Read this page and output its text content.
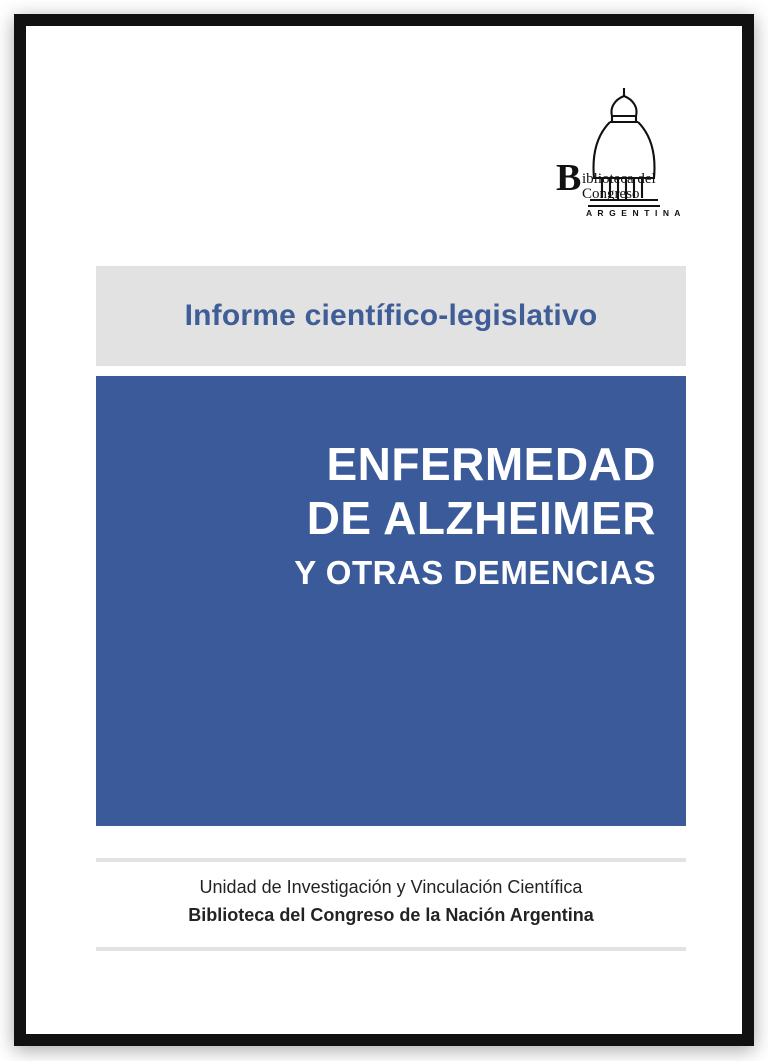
B iblioteca del
Congreso
A R G E N T I N A
Informe científico-legislativo
ENFERMEDAD
DE ALZHEIMER
Y OTRAS DEMENCIAS
Unidad de Investigación y Vinculación Científica
Biblioteca del Congreso de la Nación Argentina
